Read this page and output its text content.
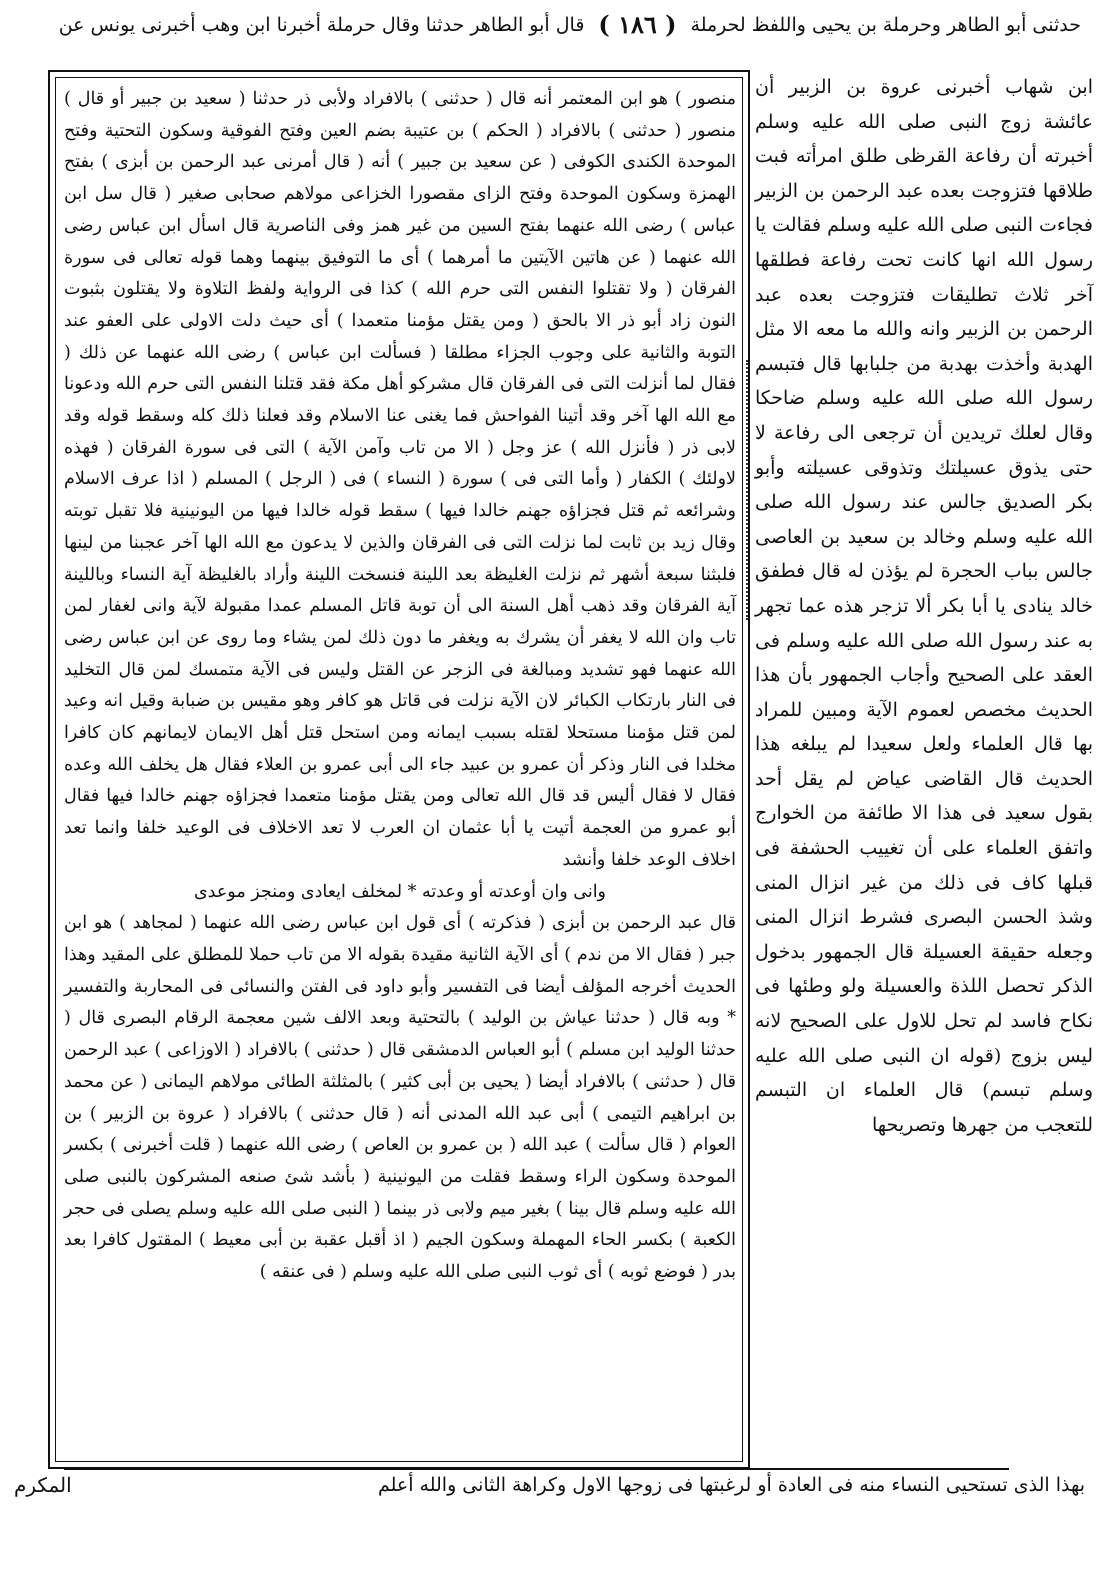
حدثنى أبو الطاهر وحرملة بن يحيى واللفظ لحرملة
( ١٨٦ )
قال أبو الطاهر حدثنا وقال حرملة أخبرنا ابن وهب أخبرنى يونس عن

ابن شهاب أخبرنى عروة بن الزبير أن عائشة زوج النبى صلى الله عليه وسلم أخبرته أن رفاعة القرظى طلق امرأته فبت طلاقها فتزوجت بعده عبد الرحمن بن الزبير فجاءت النبى صلى الله عليه وسلم فقالت يا رسول الله انها كانت تحت رفاعة فطلقها آخر ثلاث تطليقات فتزوجت بعده عبد الرحمن بن الزبير وانه والله ما معه الا مثل الهدبة وأخذت بهدبة من جلبابها قال فتبسم رسول الله صلى الله عليه وسلم ضاحكا وقال لعلك تريدين أن ترجعى الى رفاعة لا حتى يذوق عسيلتك وتذوقى عسيلته وأبو بكر الصديق جالس عند رسول الله صلى الله عليه وسلم وخالد بن سعيد بن العاصى جالس بباب الحجرة لم يؤذن له قال فطفق خالد ينادى يا أبا بكر ألا تزجر هذه عما تجهر به عند رسول الله صلى الله عليه وسلم فى العقد على الصحيح وأجاب الجمهور بأن هذا الحديث مخصص لعموم الآية ومبين للمراد بها قال العلماء ولعل سعيدا لم يبلغه هذا الحديث قال القاضى عياض لم يقل أحد بقول سعيد فى هذا الا طائفة من الخوارج واتفق العلماء على أن تغييب الحشفة فى قبلها كاف فى ذلك من غير انزال المنى وشذ الحسن البصرى فشرط انزال المنى وجعله حقيقة العسيلة قال الجمهور بدخول الذكر تحصل اللذة والعسيلة ولو وطئها فى نكاح فاسد لم تحل للاول على الصحيح لانه ليس بزوج (قوله ان النبى صلى الله عليه وسلم تبسم) قال العلماء ان التبسم للتعجب من جهرها وتصريحها

منصور ) هو ابن المعتمر أنه قال ( حدثنى ) بالافراد ولأبى ذر حدثنا ( سعيد بن جبير أو قال ) منصور ( حدثنى ) بالافراد ( الحكم ) بن عتيبة بضم العين وفتح الفوقية وسكون التحتية وفتح الموحدة الكندى الكوفى ( عن سعيد بن جبير ) أنه ( قال أمرنى عبد الرحمن بن أبزى ) بفتح الهمزة وسكون الموحدة وفتح الزاى مقصورا الخزاعى مولاهم صحابى صغير ( قال سل ابن عباس ) رضى الله عنهما بفتح السين من غير همز وفى الناصرية قال اسأل ابن عباس رضى الله عنهما ( عن هاتين الآيتين ما أمرهما ) أى ما التوفيق بينهما وهما قوله تعالى فى سورة الفرقان ( ولا تقتلوا النفس التى حرم الله ) كذا فى الرواية ولفظ التلاوة ولا يقتلون بثبوت النون زاد أبو ذر الا بالحق ( ومن يقتل مؤمنا متعمدا ) أى حيث دلت الاولى على العفو عند التوبة والثانية على وجوب الجزاء مطلقا ( فسألت ابن عباس ) رضى الله عنهما عن ذلك ( فقال لما أنزلت التى فى الفرقان قال مشركو أهل مكة فقد قتلنا النفس التى حرم الله ودعونا مع الله الها آخر وقد أتينا الفواحش فما يغنى عنا الاسلام وقد فعلنا ذلك كله وسقط قوله وقد لابى ذر ( فأنزل الله ) عز وجل ( الا من تاب وآمن الآية ) التى فى سورة الفرقان ( فهذه لاولئك ) الكفار ( وأما التى فى ) سورة ( النساء ) فى ( الرجل ) المسلم ( اذا عرف الاسلام وشرائعه ثم قتل فجزاؤه جهنم خالدا فيها ) سقط قوله خالدا فيها من اليونينية فلا تقبل توبته وقال زيد بن ثابت لما نزلت التى فى الفرقان والذين لا يدعون مع الله الها آخر عجبنا من لينها فلبثنا سبعة أشهر ثم نزلت الغليظة بعد اللينة فنسخت اللينة وأراد بالغليظة آية النساء وباللينة آية الفرقان وقد ذهب أهل السنة الى أن توبة قاتل المسلم عمدا مقبولة لآية وانى لغفار لمن تاب وان الله لا يغفر أن يشرك به ويغفر ما دون ذلك لمن يشاء وما روى عن ابن عباس رضى الله عنهما فهو تشديد ومبالغة فى الزجر عن القتل وليس فى الآية متمسك لمن قال التخليد فى النار بارتكاب الكبائر لان الآية نزلت فى قاتل هو كافر وهو مقيس بن ضبابة وقيل انه وعيد لمن قتل مؤمنا مستحلا لقتله بسبب ايمانه ومن استحل قتل أهل الايمان لايمانهم كان كافرا مخلدا فى النار وذكر أن عمرو بن عبيد جاء الى أبى عمرو بن العلاء فقال هل يخلف الله وعده فقال لا فقال أليس قد قال الله تعالى ومن يقتل مؤمنا متعمدا فجزاؤه جهنم خالدا فيها فقال أبو عمرو من العجمة أتيت يا أبا عثمان ان العرب لا تعد الاخلاف فى الوعيد خلفا وانما تعد اخلاف الوعد خلفا وأنشد

وانى وان أوعدته أو وعدته * لمخلف ايعادى ومنجز موعدى

قال عبد الرحمن بن أبزى ( فذكرته ) أى قول ابن عباس رضى الله عنهما ( لمجاهد ) هو ابن جبر ( فقال الا من ندم ) أى الآية الثانية مقيدة بقوله الا من تاب حملا للمطلق على المقيد وهذا الحديث أخرجه المؤلف أيضا فى التفسير وأبو داود فى الفتن والنسائى فى المحاربة والتفسير * وبه قال ( حدثنا عياش بن الوليد ) بالتحتية وبعد الالف شين معجمة الرقام البصرى قال ( حدثنا الوليد ابن مسلم ) أبو العباس الدمشقى قال ( حدثنى ) بالافراد ( الاوزاعى ) عبد الرحمن قال ( حدثنى ) بالافراد أيضا ( يحيى بن أبى كثير ) بالمثلثة الطائى مولاهم اليمانى ( عن محمد بن ابراهيم التيمى ) أبى عبد الله المدنى أنه ( قال حدثنى ) بالافراد ( عروة بن الزبير ) بن العوام ( قال سألت ) عبد الله ( بن عمرو بن العاص ) رضى الله عنهما ( قلت أخبرنى ) بكسر الموحدة وسكون الراء وسقط فقلت من اليونينية ( بأشد شئ صنعه المشركون بالنبى صلى الله عليه وسلم قال بينا ) بغير ميم ولابى ذر بينما ( النبى صلى الله عليه وسلم يصلى فى حجر الكعبة ) بكسر الحاء المهملة وسكون الجيم ( اذ أقبل عقبة بن أبى معيط ) المقتول كافرا بعد بدر ( فوضع ثوبه ) أى ثوب النبى صلى الله عليه وسلم ( فى عنقه )

بهذا الذى تستحيى النساء منه فى العادة أو لرغبتها فى زوجها الاول وكراهة الثانى والله أعلم
المكرم
